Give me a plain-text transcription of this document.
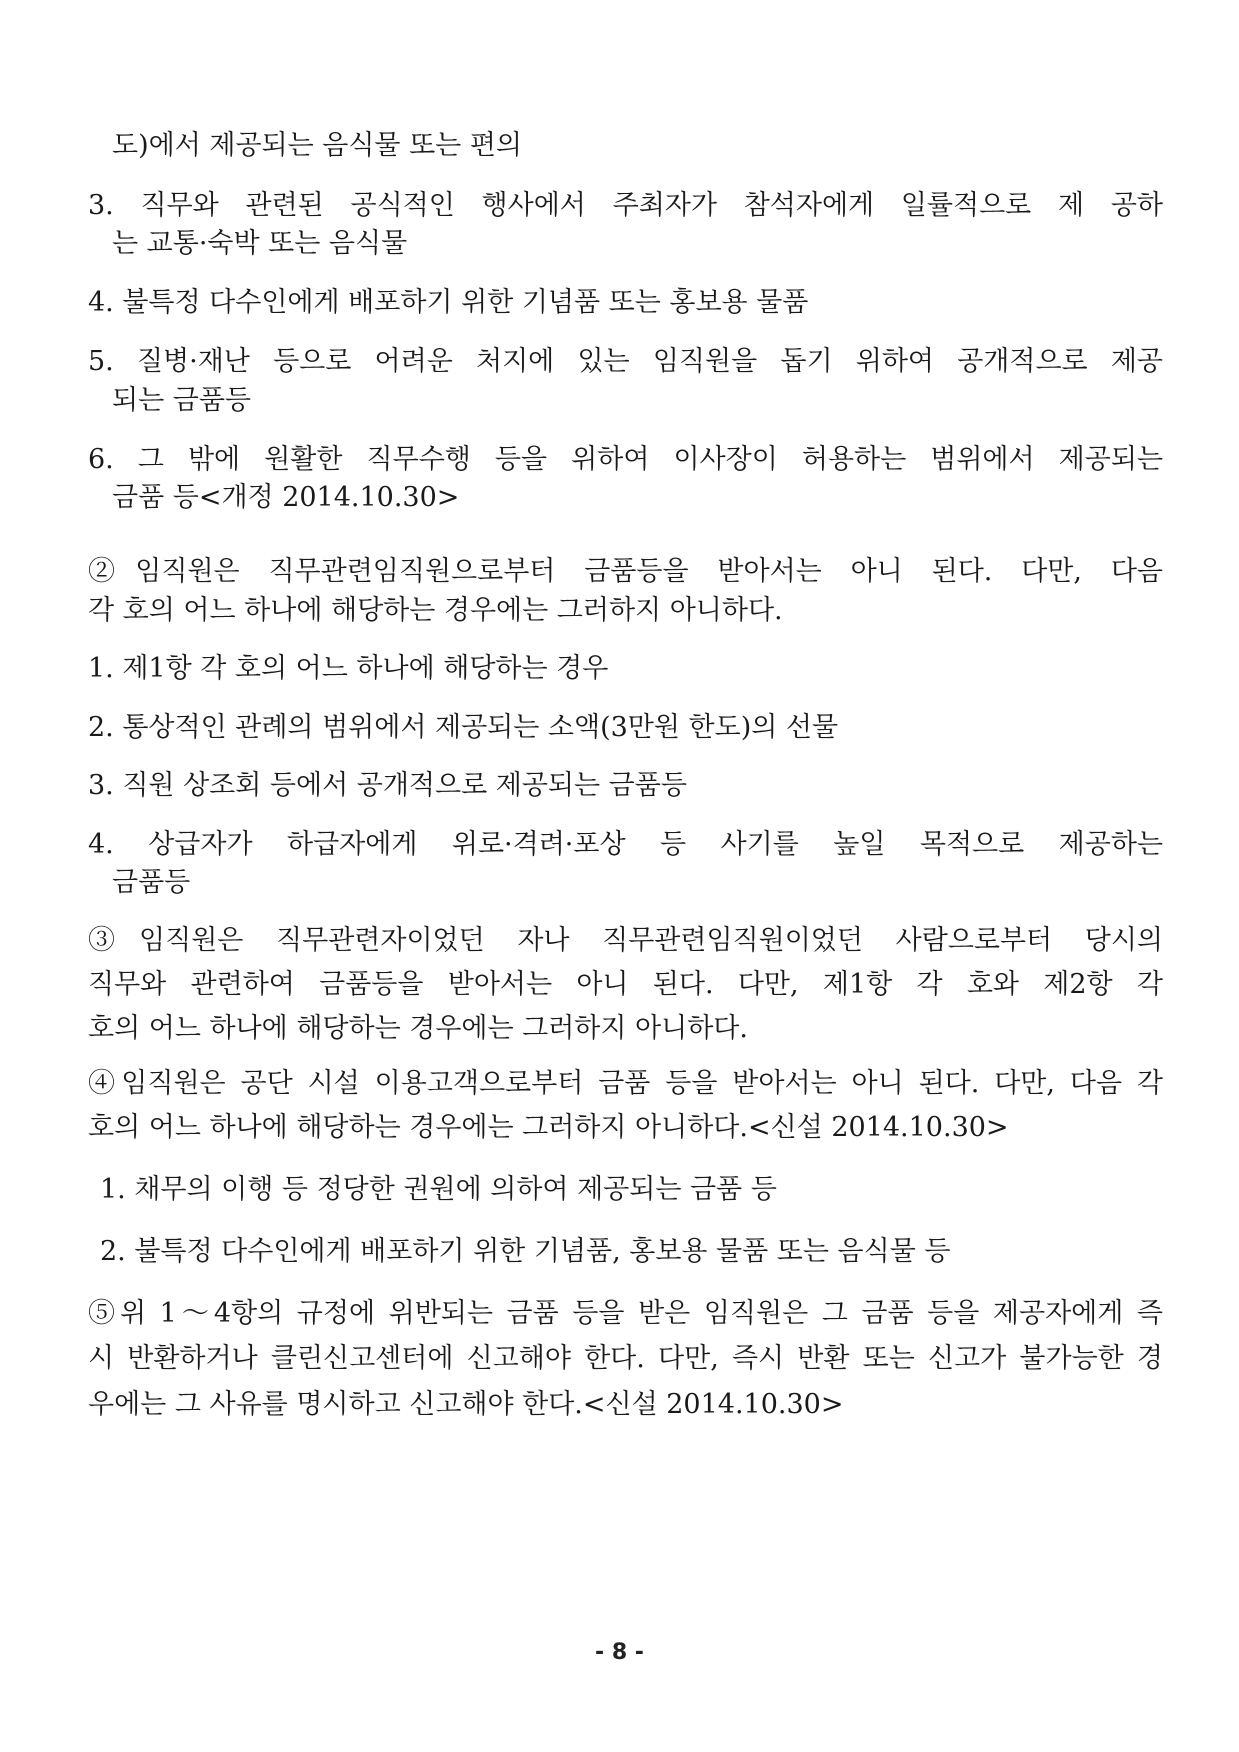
도)에서 제공되는 음식물 또는 편의
3. 직무와 관련된 공식적인 행사에서 주최자가 참석자에게 일률적으로 제 공하
는 교통·숙박 또는 음식물
4. 불특정 다수인에게 배포하기 위한 기념품 또는 홍보용 물품
5. 질병·재난 등으로 어려운 처지에 있는 임직원을 돕기 위하여 공개적으로 제공
되는 금품등
6. 그 밖에 원활한 직무수행 등을 위하여 이사장이 허용하는 범위에서 제공되는
금품 등<개정 2014.10.30>
②임직원은 직무관련임직원으로부터 금품등을 받아서는 아니 된다. 다만, 다음
각 호의 어느 하나에 해당하는 경우에는 그러하지 아니하다.
1. 제1항 각 호의 어느 하나에 해당하는 경우
2. 통상적인 관례의 범위에서 제공되는 소액(3만원 한도)의 선물
3. 직원 상조회 등에서 공개적으로 제공되는 금품등
4. 상급자가 하급자에게 위로·격려·포상 등 사기를 높일 목적으로 제공하는
금품등
③임직원은 직무관련자이었던 자나 직무관련임직원이었던 사람으로부터 당시의
직무와 관련하여 금품등을 받아서는 아니 된다. 다만, 제1항 각 호와 제2항 각
호의 어느 하나에 해당하는 경우에는 그러하지 아니하다.
④임직원은 공단 시설 이용고객으로부터 금품 등을 받아서는 아니 된다. 다만, 다음 각
호의 어느 하나에 해당하는 경우에는 그러하지 아니하다.<신설 2014.10.30>
1. 채무의 이행 등 정당한 권원에 의하여 제공되는 금품 등
2. 불특정 다수인에게 배포하기 위한 기념품, 홍보용 물품 또는 음식물 등
⑤위 1～4항의 규정에 위반되는 금품 등을 받은 임직원은 그 금품 등을 제공자에게 즉
시 반환하거나 클린신고센터에 신고해야 한다. 다만, 즉시 반환 또는 신고가 불가능한 경
우에는 그 사유를 명시하고 신고해야 한다.<신설 2014.10.30>
- 8 -
